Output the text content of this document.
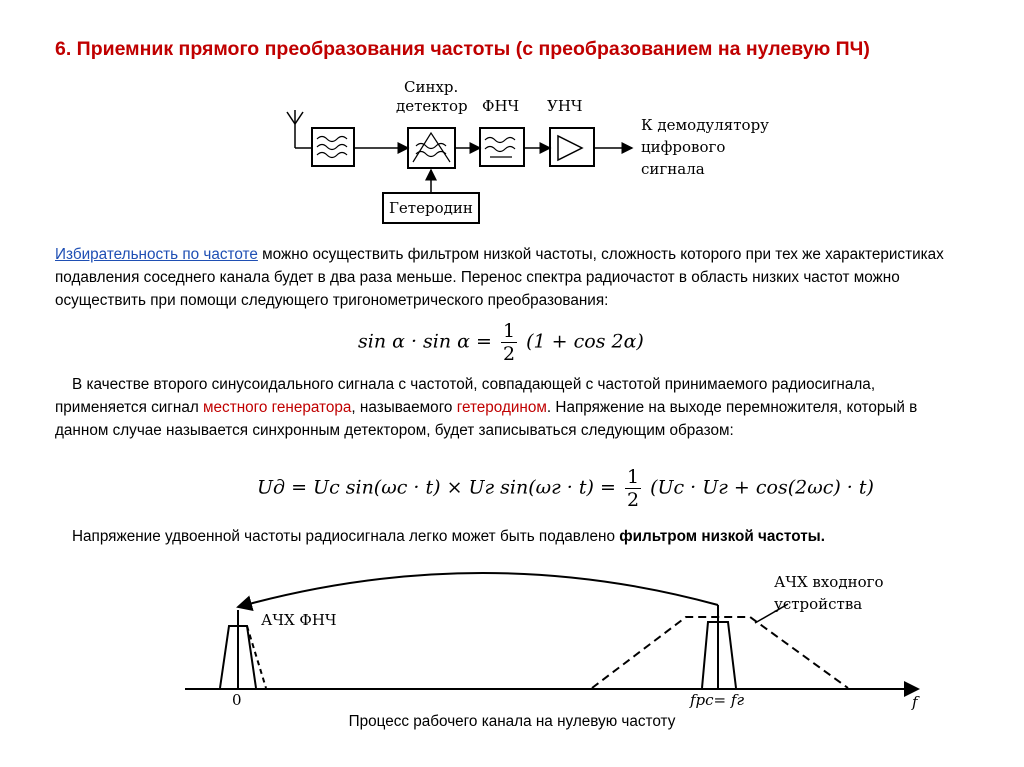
6. Приемник прямого преобразования частоты (с преобразованием на нулевую ПЧ)
Синхр.
детектор ФНЧ УНЧ
К демодулятору
цифрового
сигнала
Гетеродин

Избирательность по частоте можно осуществить фильтром низкой частоты, сложность которого при тех же характеристиках подавления соседнего канала будет в два раза меньше. Перенос спектра радиочастот в область низких частот можно осуществить при помощи следующего тригонометрического преобразования:

$\sin \alpha \cdot \sin \alpha = \frac{1}{2} (1 + \cos 2\alpha)$

В качестве второго синусоидального сигнала с частотой, совпадающей с частотой принимаемого радиосигнала, применяется сигнал местного генератора, называемого гетеродином. Напряжение на выходе перемножителя, который в данном случае называется синхронным детектором, будет записываться следующим образом:

Uд = Uc sin(ωc · t) × Uг $\sin(\omega г \cdot t) = \frac{1}{2} (Uc$ · Uг + cos(2ωc) · t)

Напряжение удвоенной частоты радиосигнала легко может быть подавлено фильтром низкой частоты.

АЧХ ФНЧ
АЧХ входного
устройства
0	fрс= fг	f
Процесс рабочего канала на нулевую частоту
